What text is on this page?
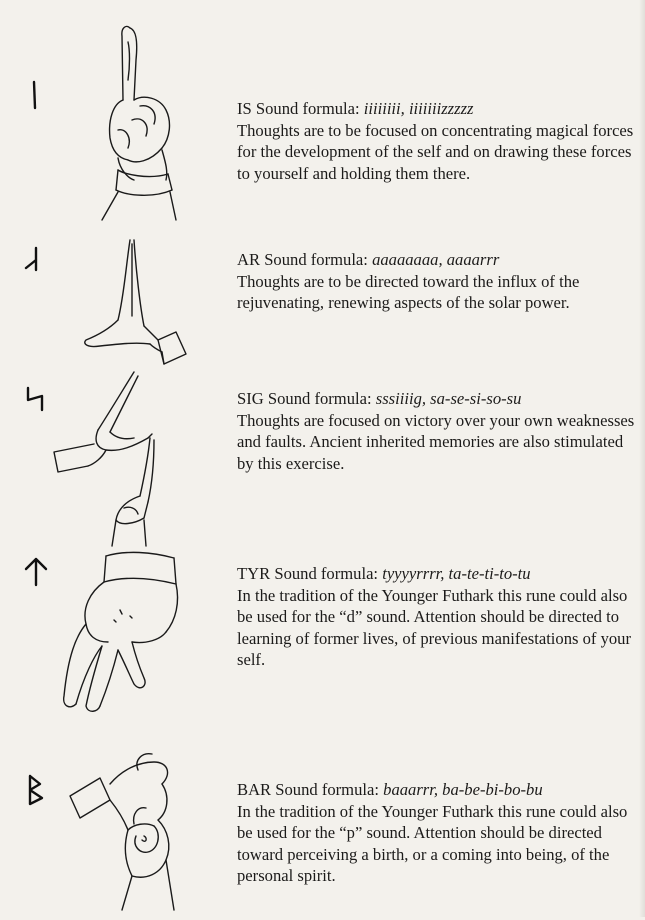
IS Sound formula: iiiiiiii, iiiiiiizzzzz

Thoughts are to be focused on concentrating magical forces for the development of the self and on drawing these forces to yourself and holding them there.

AR Sound formula: aaaaaaaa, aaaarrr

Thoughts are to be directed toward the influx of the rejuvenating, renewing aspects of the solar power.

SIG Sound formula: sssiiiig, sa-se-si-so-su

Thoughts are focused on victory over your own weaknesses and faults. Ancient inherited memories are also stimulated by this exercise.

TYR Sound formula: tyyyyrrrr, ta-te-ti-to-tu

In the tradition of the Younger Futhark this rune could also be used for the “d” sound. Attention should be directed to learning of former lives, of previous manifestations of your self.

BAR Sound formula: baaarrr, ba-be-bi-bo-bu

In the tradition of the Younger Futhark this rune could also be used for the “p” sound. Attention should be directed toward perceiving a birth, or a coming into being, of the personal spirit.
